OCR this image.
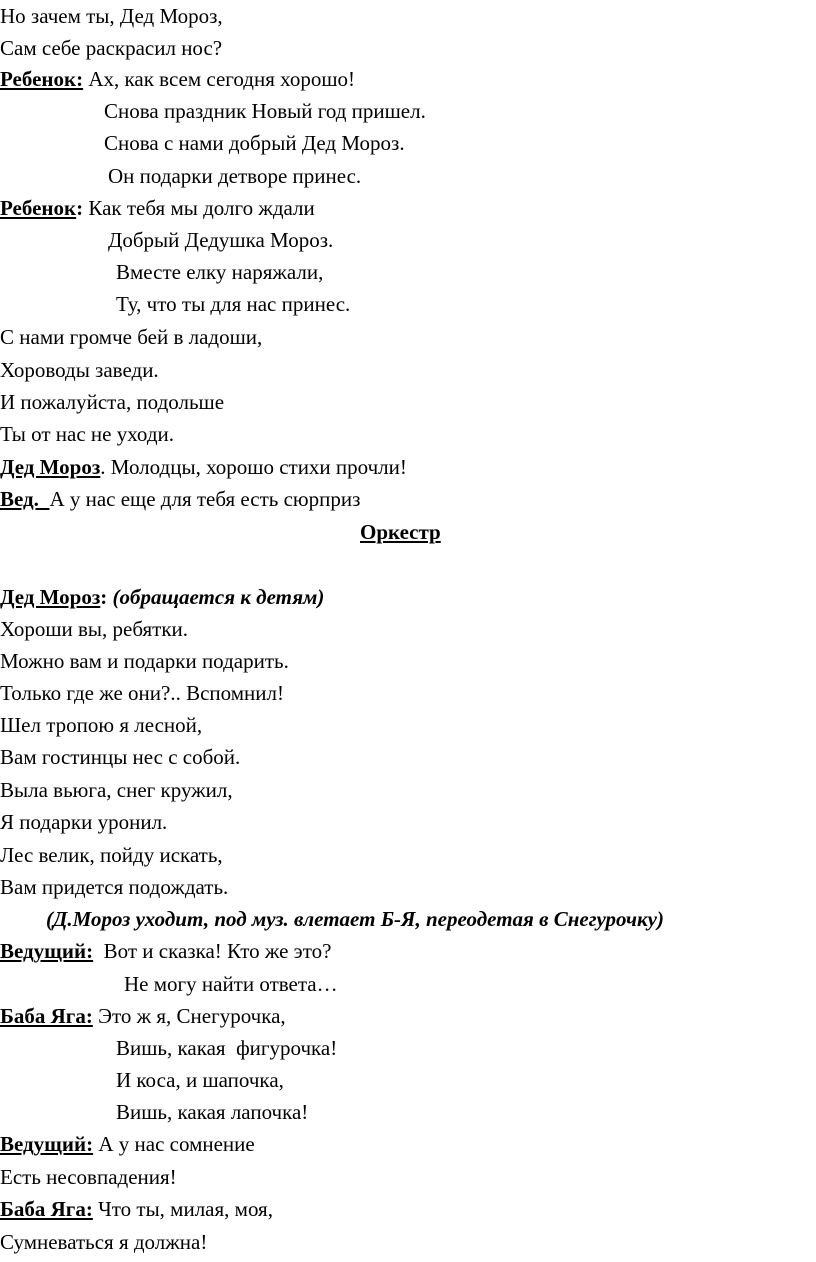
Но зачем ты, Дед Мороз,
Сам себе раскрасил нос?
Ребенок: Ах, как всем сегодня хорошо!
Снова праздник Новый год пришел.
Снова с нами добрый Дед Мороз.
Он подарки детворе принес.
Ребенок: Как тебя мы долго ждали
Добрый Дедушка Мороз.
Вместе елку наряжали,
Ту, что ты для нас принес.
С нами громче бей в ладоши,
Хороводы заведи.
И пожалуйста, подольше
Ты от нас не уходи.
Дед Мороз. Молодцы, хорошо стихи прочли!
Вед.  А у нас еще для тебя есть сюрприз
Оркестр
Дед Мороз: (обращается к детям)
Хороши вы, ребятки.
Можно вам и подарки подарить.
Только где же они?.. Вспомнил!
Шел тропою я лесной,
Вам гостинцы нес с собой.
Выла вьюга, снег кружил,
Я подарки уронил.
Лес велик, пойду искать,
Вам придется подождать.
(Д.Мороз уходит, под муз. влетает Б-Я, переодетая в Снегурочку)
Ведущий:  Вот и сказка! Кто же это?
Не могу найти ответа…
Баба Яга: Это ж я, Снегурочка,
Вишь, какая  фигурочка!
И коса, и шапочка,
Вишь, какая лапочка!
Ведущий: А у нас сомнение
Есть несовпадения!
Баба Яга: Что ты, милая, моя,
Сумневаться я должна!
